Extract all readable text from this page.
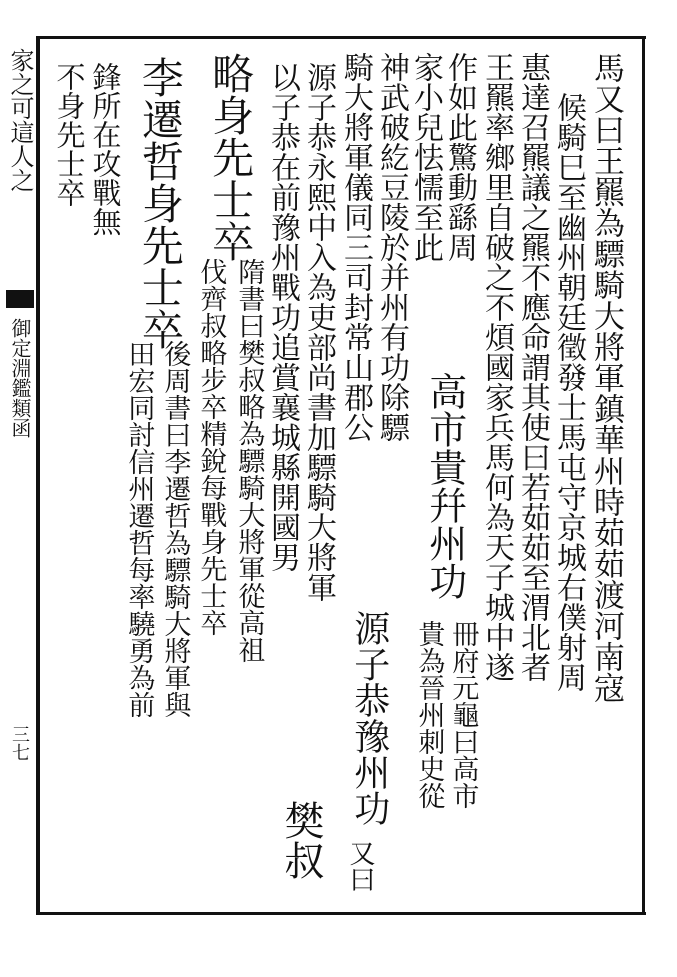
家之可這人之
御定淵鑑類函
三七
馬又曰王羆為驃騎大將軍鎮華州時茹茹渡河南寇
候騎巳至幽州朝廷徵發士馬屯守京城右僕射周
惠達召羆議之羆不應命謂其使曰若茹茹至渭北者
王羆率鄉里自破之不煩國家兵馬何為天子城中遂
作如此驚動繇周
家小兒怯懦至此
高市貴幷州功
冊府元龜曰高市
貴為晉州刺史從
神武破紇豆陵於并州有功除驃
騎大將軍儀同三司封常山郡公
源子恭豫州功
又曰
源子恭永熙中入為吏部尚書加驃騎大將軍
以子恭在前豫州戰功追賞襄城縣開國男
樊叔
略身先士卒
隋書曰樊叔略為驃騎大將軍從高祖
伐齊叔略步卒精銳每戰身先士卒
李遷哲身先士卒
後周書曰李遷哲為驃騎大將軍與
田宏同討信州遷哲每率驍勇為前
鋒所在攻戰無
不身先士卒
